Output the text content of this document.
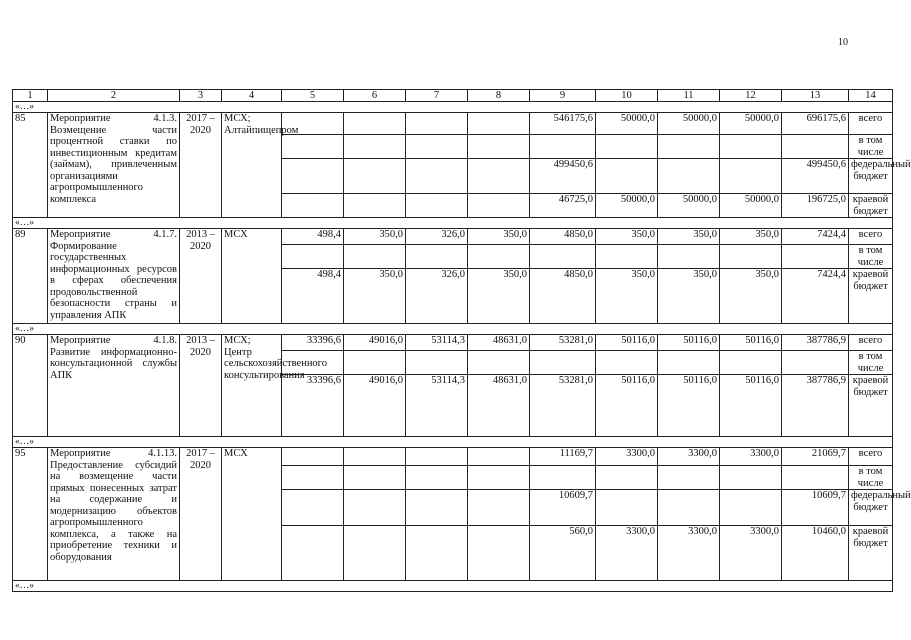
10
1	2	3	4	5	6	7	8	9	10	11	12	13	14
«…»													
85	Мероприятие 4.1.3. Возмещение части процентной ставки по инвестиционным кредитам (займам), привлеченным организациями агропромышленного комплекса	2017 – 2020	МСХ; Алтайпищепром					546175,6	50000,0	50000,0	50000,0	696175,6	всего
													в том числе
								499450,6				499450,6	федеральный бюджет
								46725,0	50000,0	50000,0	50000,0	196725,0	краевой бюджет
«…»													
89	Мероприятие 4.1.7. Формирование государственных информационных ресурсов в сферах обеспечения продовольственной безопасности страны и управления АПК	2013 – 2020	МСХ	498,4	350,0	326,0	350,0	4850,0	350,0	350,0	350,0	7424,4	всего
													в том числе
				498,4	350,0	326,0	350,0	4850,0	350,0	350,0	350,0	7424,4	краевой бюджет
«…»													
90	Мероприятие 4.1.8. Развитие информационно-консультационной службы АПК	2013 – 2020	МСХ; Центр сельскохозяйственного консультирования	33396,6	49016,0	53114,3	48631,0	53281,0	50116,0	50116,0	50116,0	387786,9	всего
													в том числе
				33396,6	49016,0	53114,3	48631,0	53281,0	50116,0	50116,0	50116,0	387786,9	краевой бюджет
«…»													
95	Мероприятие 4.1.13. Предоставление субсидий на возмещение части прямых понесенных затрат на содержание и модернизацию объектов агропромышленного комплекса, а также на приобретение техники и оборудования	2017 – 2020	МСХ					11169,7	3300,0	3300,0	3300,0	21069,7	всего
													в том числе
								10609,7				10609,7	федеральный бюджет
								560,0	3300,0	3300,0	3300,0	10460,0	краевой бюджет
«…»													
